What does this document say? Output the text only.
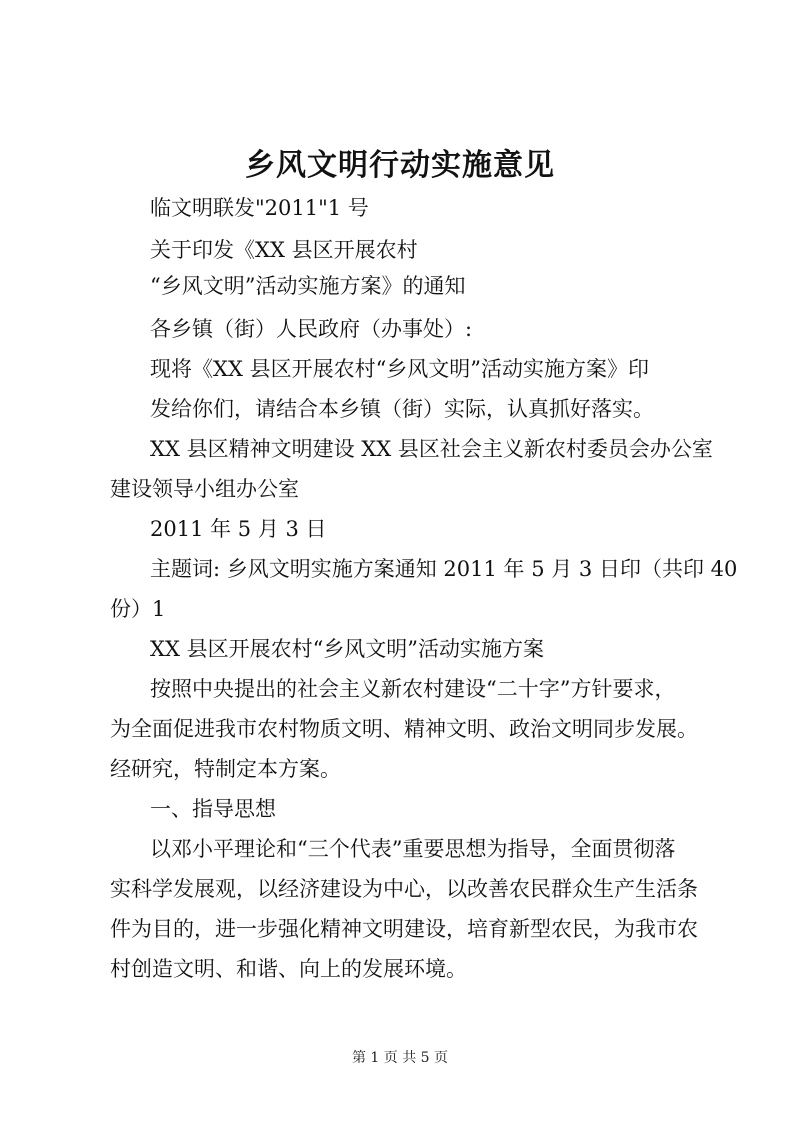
乡风文明行动实施意见
临文明联发"2011"1 号
关于印发《XX 县区开展农村
“乡风文明”活动实施方案》的通知
各乡镇（街）人民政府（办事处）:
现将《XX 县区开展农村“乡风文明”活动实施方案》印
发给你们，请结合本乡镇（街）实际，认真抓好落实。
XX 县区精神文明建设 XX 县区社会主义新农村委员会办公室
建设领导小组办公室
2011 年 5 月 3 日
主题词: 乡风文明实施方案通知 2011 年 5 月 3 日印（共印 40
份）1
XX 县区开展农村“乡风文明”活动实施方案
按照中央提出的社会主义新农村建设“二十字”方针要求，
为全面促进我市农村物质文明、精神文明、政治文明同步发展。
经研究，特制定本方案。
一、指导思想
以邓小平理论和“三个代表”重要思想为指导，全面贯彻落
实科学发展观，以经济建设为中心，以改善农民群众生产生活条
件为目的，进一步强化精神文明建设，培育新型农民，为我市农
村创造文明、和谐、向上的发展环境。
第 1 页 共 5 页
